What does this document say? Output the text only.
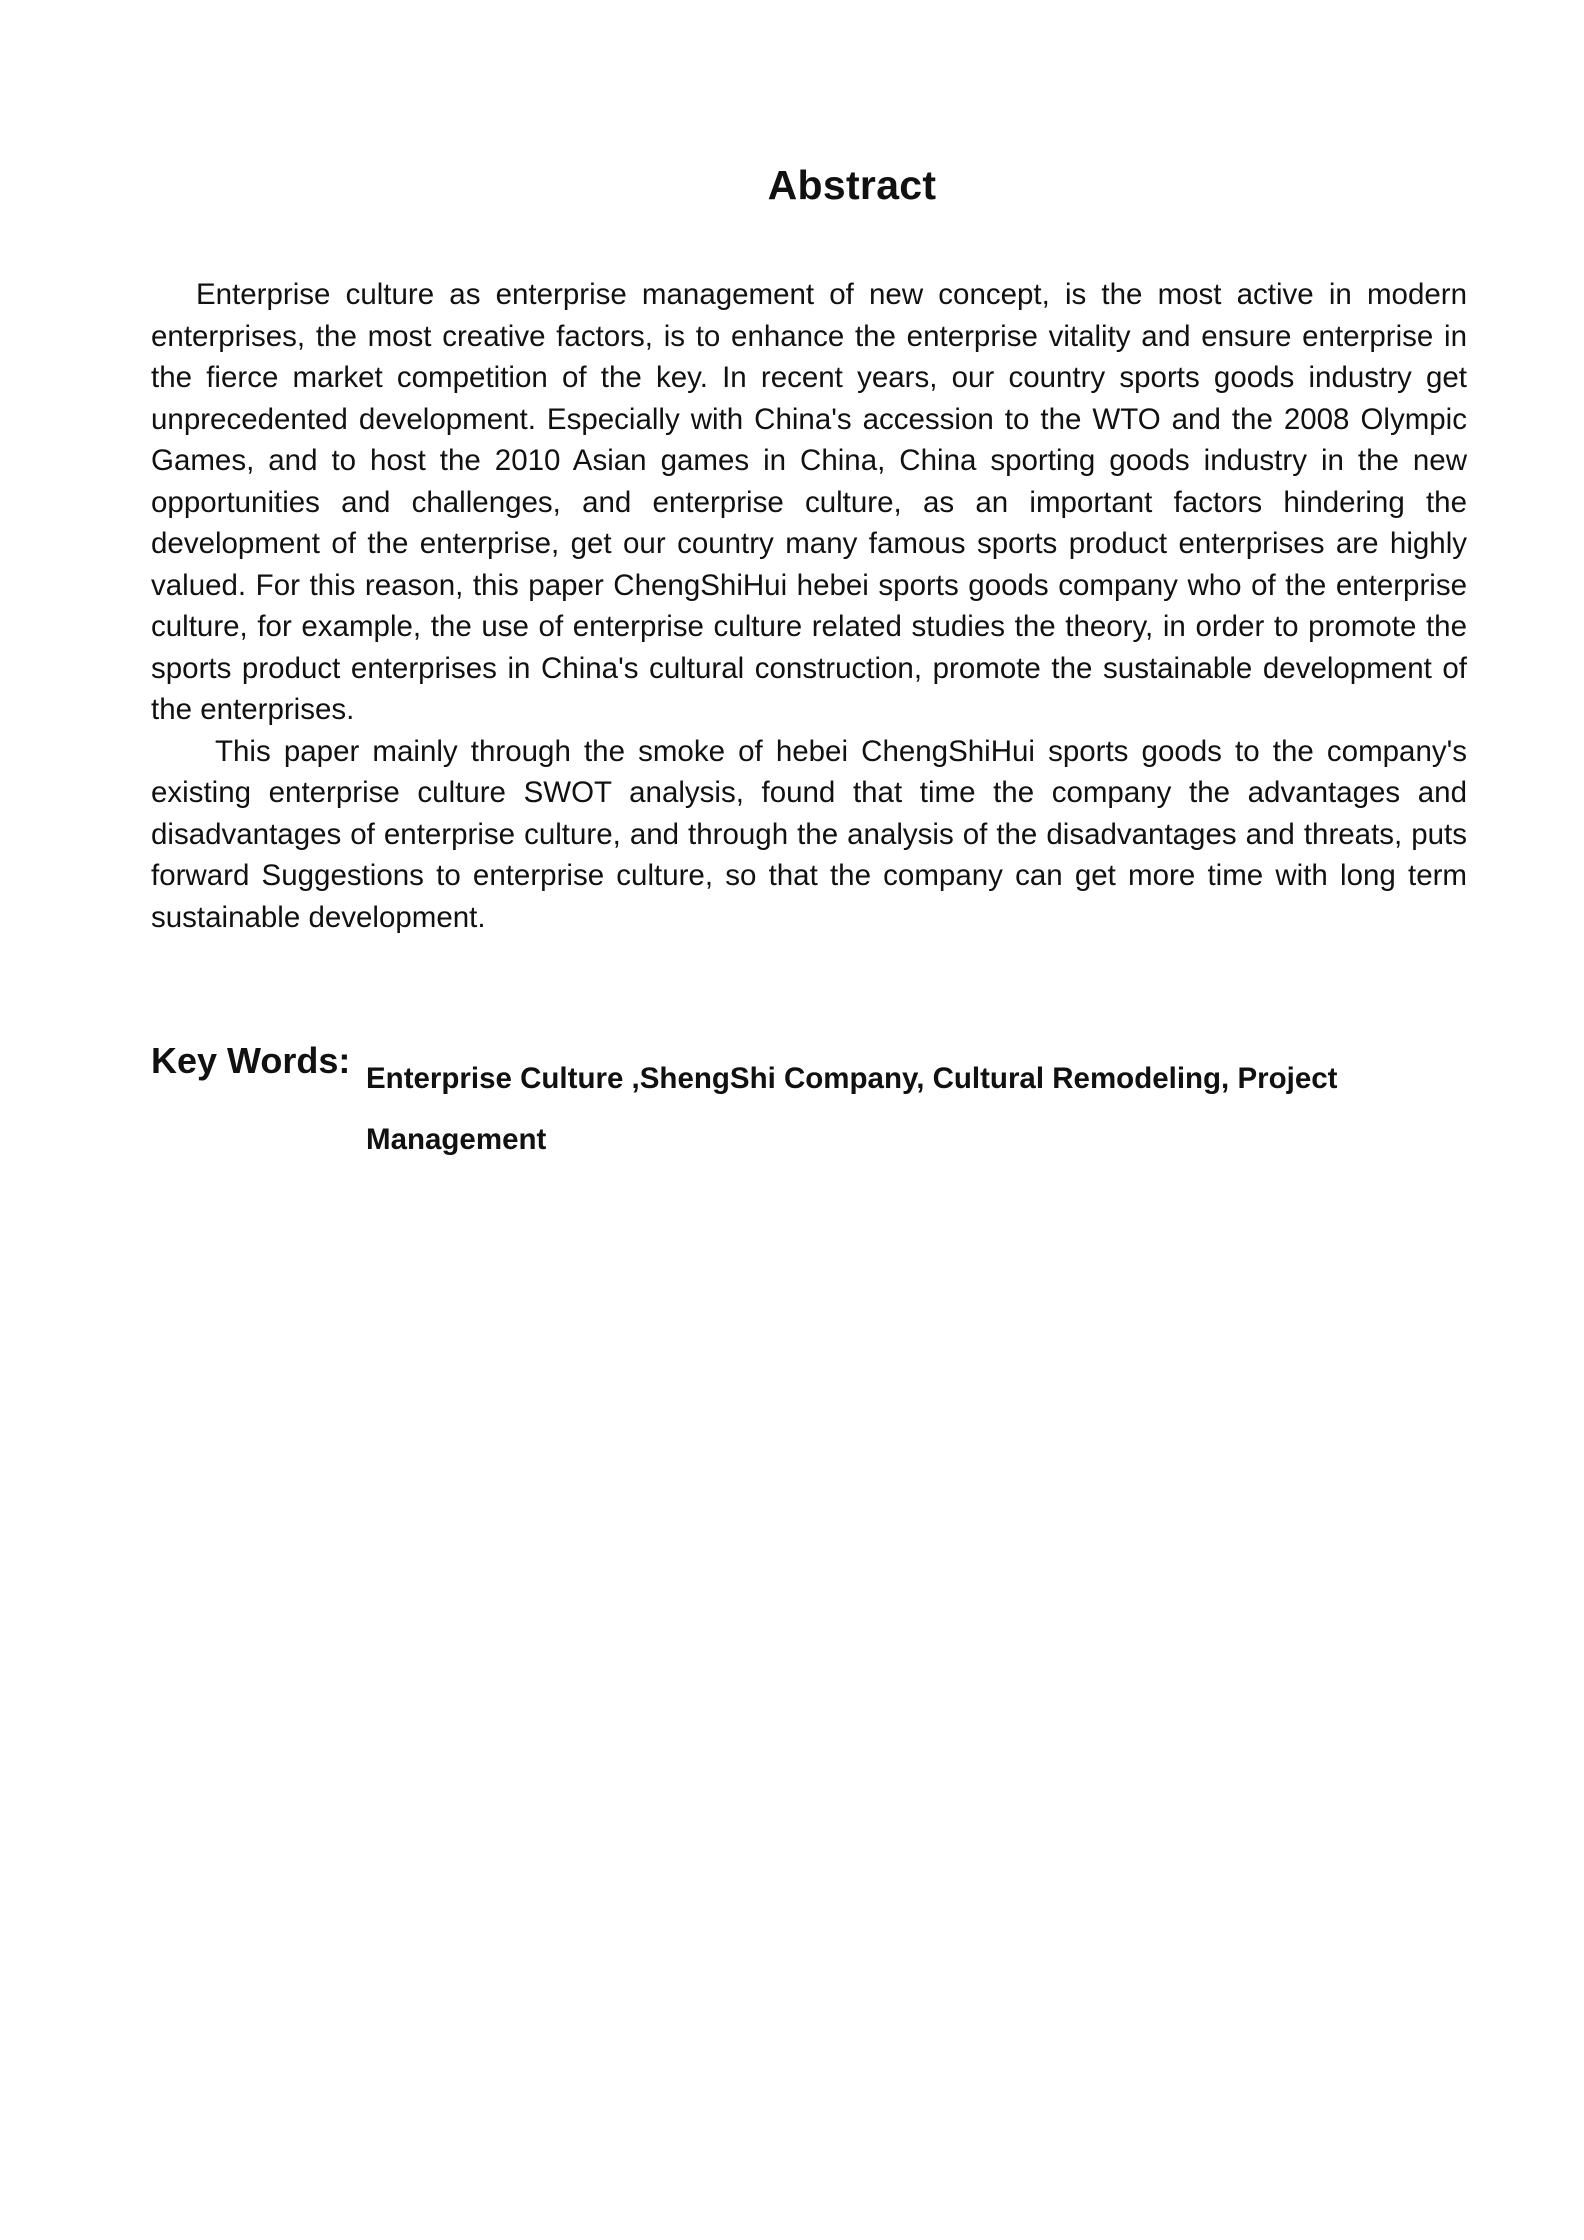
Abstract

Enterprise culture as enterprise management of new concept, is the most active in modern enterprises, the most creative factors, is to enhance the enterprise vitality and ensure enterprise in the fierce market competition of the key. In recent years, our country sports goods industry get unprecedented development. Especially with China's accession to the WTO and the 2008 Olympic Games, and to host the 2010 Asian games in China, China sporting goods industry in the new opportunities and challenges, and enterprise culture, as an important factors hindering the development of the enterprise, get our country many famous sports product enterprises are highly valued. For this reason, this paper ChengShiHui hebei sports goods company who of the enterprise culture, for example, the use of enterprise culture related studies the theory, in order to promote the sports product enterprises in China's cultural construction, promote the sustainable development of the enterprises.

This paper mainly through the smoke of hebei ChengShiHui sports goods to the company's existing enterprise culture SWOT analysis, found that time the company the advantages and disadvantages of enterprise culture, and through the analysis of the disadvantages and threats, puts forward Suggestions to enterprise culture, so that the company can get more time with long term sustainable development.

Key Words: Enterprise Culture ,ShengShi Company, Cultural Remodeling, Project Management
